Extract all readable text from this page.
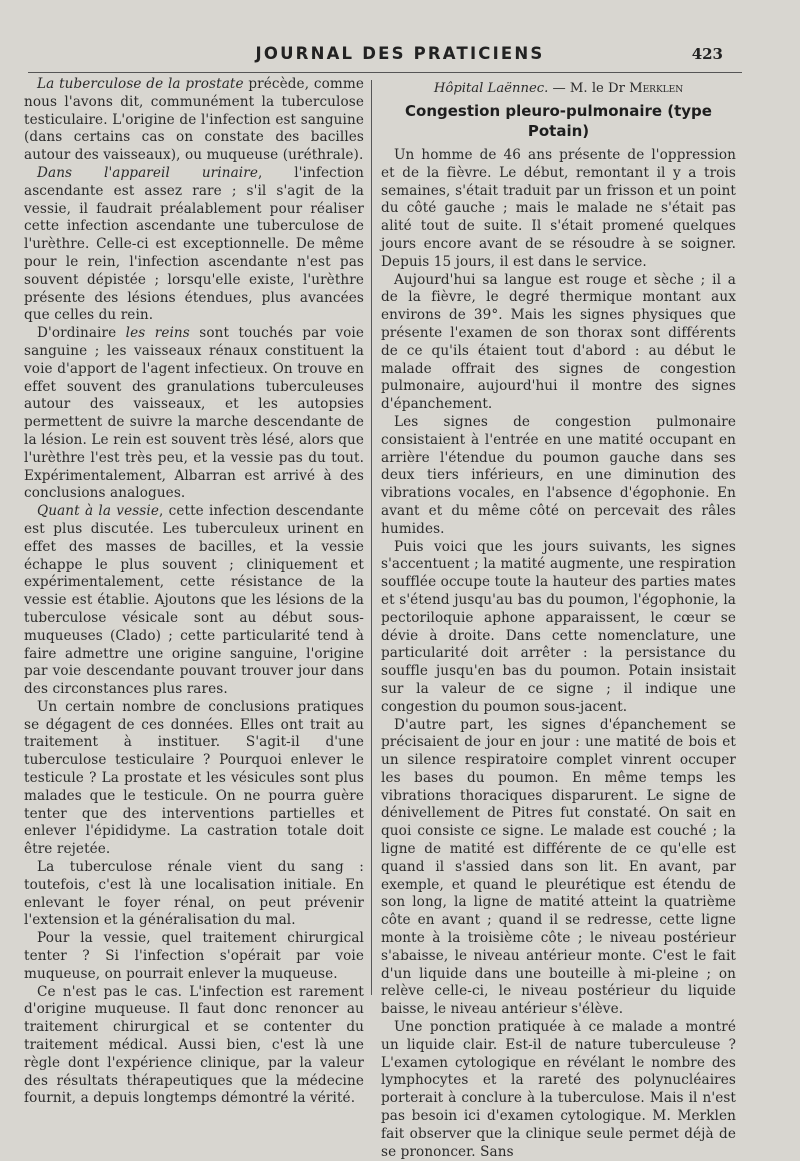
JOURNAL DES PRATICIENS	423

La tuberculose de la prostate précède, comme nous l'avons dit, communément la tuberculose testiculaire. L'origine de l'infection est sanguine (dans certains cas on constate des bacilles autour des vaisseaux), ou muqueuse (uréthrale).

Dans l'appareil urinaire, l'infection ascendante est assez rare ; s'il s'agit de la vessie, il faudrait préalablement pour réaliser cette infection ascendante une tuberculose de l'urèthre. Celle-ci est exceptionnelle. De même pour le rein, l'infection ascendante n'est pas souvent dépistée ; lorsqu'elle existe, l'urèthre présente des lésions étendues, plus avancées que celles du rein.

D'ordinaire les reins sont touchés par voie sanguine ; les vaisseaux rénaux constituent la voie d'apport de l'agent infectieux. On trouve en effet souvent des granulations tuberculeuses autour des vaisseaux, et les autopsies permettent de suivre la marche descendante de la lésion. Le rein est souvent très lésé, alors que l'urèthre l'est très peu, et la vessie pas du tout. Expérimentalement, Albarran est arrivé à des conclusions analogues.

Quant à la vessie, cette infection descendante est plus discutée. Les tuberculeux urinent en effet des masses de bacilles, et la vessie échappe le plus souvent ; cliniquement et expérimentalement, cette résistance de la vessie est établie. Ajoutons que les lésions de la tuberculose vésicale sont au début sous-muqueuses (Clado) ; cette particularité tend à faire admettre une origine sanguine, l'origine par voie descendante pouvant trouver jour dans des circonstances plus rares.

Un certain nombre de conclusions pratiques se dégagent de ces données. Elles ont trait au traitement à instituer. S'agit-il d'une tuberculose testiculaire ? Pourquoi enlever le testicule ? La prostate et les vésicules sont plus malades que le testicule. On ne pourra guère tenter que des interventions partielles et enlever l'épididyme. La castration totale doit être rejetée.

La tuberculose rénale vient du sang : toutefois, c'est là une localisation initiale. En enlevant le foyer rénal, on peut prévenir l'extension et la généralisation du mal.

Pour la vessie, quel traitement chirurgical tenter ? Si l'infection s'opérait par voie muqueuse, on pourrait enlever la muqueuse.

Ce n'est pas le cas. L'infection est rarement d'origine muqueuse. Il faut donc renoncer au traitement chirurgical et se contenter du traitement médical. Aussi bien, c'est là une règle dont l'expérience clinique, par la valeur des résultats thérapeutiques que la médecine fournit, a depuis longtemps démontré la vérité.

Hôpital Laënnec. — M. le Dr Merklen
Congestion pleuro-pulmonaire (type Potain)

Un homme de 46 ans présente de l'oppression et de la fièvre. Le début, remontant il y a trois semaines, s'était traduit par un frisson et un point du côté gauche ; mais le malade ne s'était pas alité tout de suite. Il s'était promené quelques jours encore avant de se résoudre à se soigner. Depuis 15 jours, il est dans le service.

Aujourd'hui sa langue est rouge et sèche ; il a de la fièvre, le degré thermique montant aux environs de 39°. Mais les signes physiques que présente l'examen de son thorax sont différents de ce qu'ils étaient tout d'abord : au début le malade offrait des signes de congestion pulmonaire, aujourd'hui il montre des signes d'épanchement.

Les signes de congestion pulmonaire consistaient à l'entrée en une matité occupant en arrière l'étendue du poumon gauche dans ses deux tiers inférieurs, en une diminution des vibrations vocales, en l'absence d'égophonie. En avant et du même côté on percevait des râles humides.

Puis voici que les jours suivants, les signes s'accentuent ; la matité augmente, une respiration soufflée occupe toute la hauteur des parties mates et s'étend jusqu'au bas du poumon, l'égophonie, la pectoriloquie aphone apparaissent, le cœur se dévie à droite. Dans cette nomenclature, une particularité doit arrêter : la persistance du souffle jusqu'en bas du poumon. Potain insistait sur la valeur de ce signe ; il indique une congestion du poumon sous-jacent.

D'autre part, les signes d'épanchement se précisaient de jour en jour : une matité de bois et un silence respiratoire complet vinrent occuper les bases du poumon. En même temps les vibrations thoraciques disparurent. Le signe de dénivellement de Pitres fut constaté. On sait en quoi consiste ce signe. Le malade est couché ; la ligne de matité est différente de ce qu'elle est quand il s'assied dans son lit. En avant, par exemple, et quand le pleurétique est étendu de son long, la ligne de matité atteint la quatrième côte en avant ; quand il se redresse, cette ligne monte à la troisième côte ; le niveau postérieur s'abaisse, le niveau antérieur monte. C'est le fait d'un liquide dans une bouteille à mi-pleine ; on relève celle-ci, le niveau postérieur du liquide baisse, le niveau antérieur s'élève.

Une ponction pratiquée à ce malade a montré un liquide clair. Est-il de nature tuberculeuse ? L'examen cytologique en révélant le nombre des lymphocytes et la rareté des polynucléaires porterait à conclure à la tuberculose. Mais il n'est pas besoin ici d'examen cytologique. M. Merklen fait observer que la clinique seule permet déjà de se prononcer. Sans
